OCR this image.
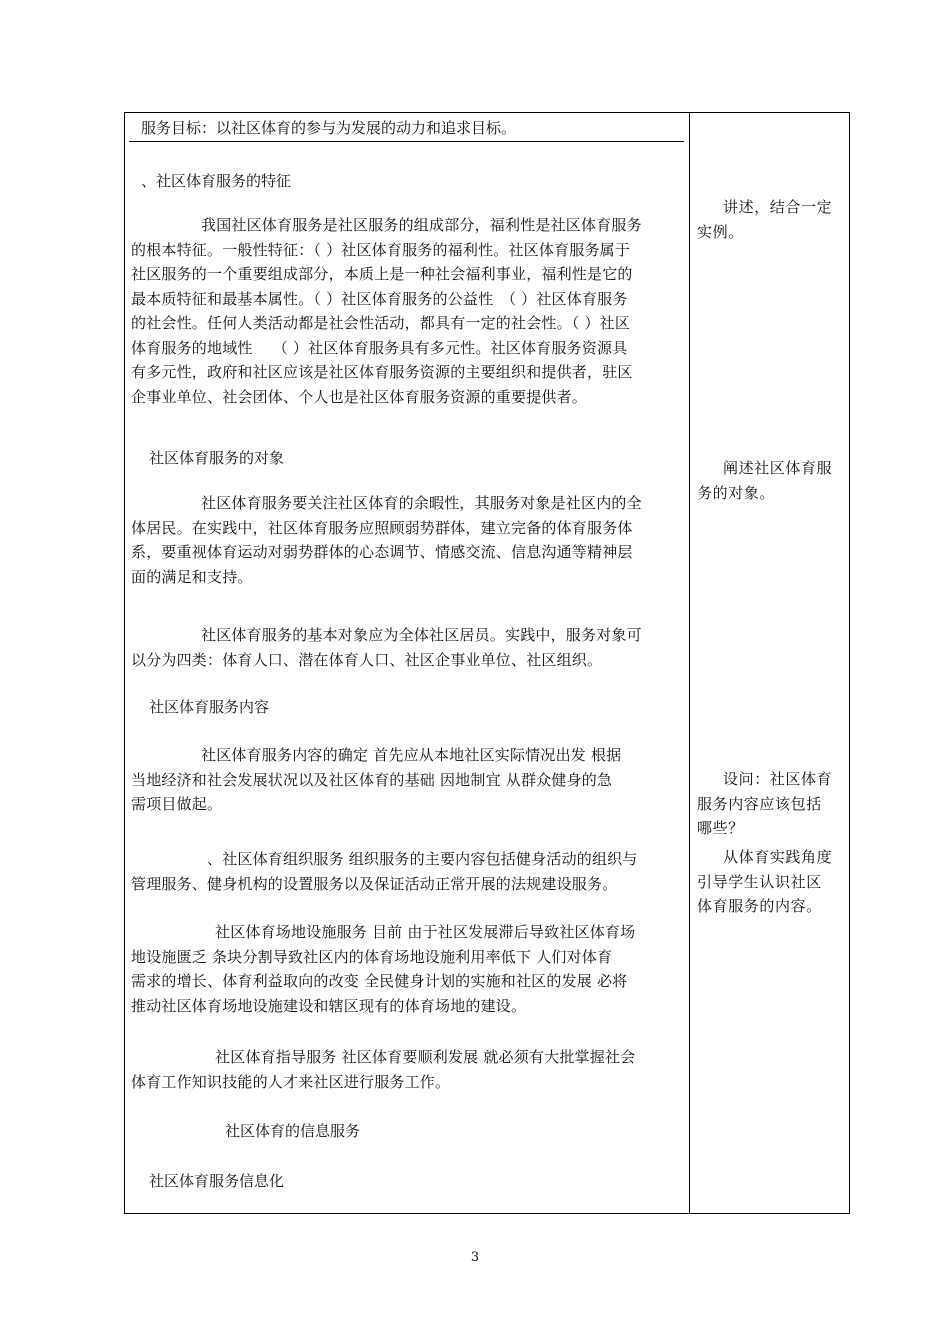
服务目标：以社区体育的参与为发展的动力和追求目标。
、社区体育服务的特征
我国社区体育服务是社区服务的组成部分，福利性是社区体育服务
的根本特征。一般性特征：（ ）社区体育服务的福利性。社区体育服务属于
社区服务的一个重要组成部分，本质上是一种社会福利事业，福利性是它的
最本质特征和最基本属性。（ ）社区体育服务的公益性　（ ）社区体育服务
的社会性。任何人类活动都是社会性活动，都具有一定的社会性。（ ）社区
体育服务的地域性　 （ ）社区体育服务具有多元性。社区体育服务资源具
有多元性，政府和社区应该是社区体育服务资源的主要组织和提供者，驻区
企事业单位、社会团体、个人也是社区体育服务资源的重要提供者。
社区体育服务的对象
社区体育服务要关注社区体育的余暇性，其服务对象是社区内的全
体居民。在实践中，社区体育服务应照顾弱势群体，建立完备的体育服务体
系，要重视体育运动对弱势群体的心态调节、情感交流、信息沟通等精神层
面的满足和支持。
社区体育服务的基本对象应为全体社区居员。实践中，服务对象可
以分为四类：体育人口、潜在体育人口、社区企事业单位、社区组织。
社区体育服务内容
社区体育服务内容的确定 首先应从本地社区实际情况出发 根据
当地经济和社会发展状况以及社区体育的基础 因地制宜 从群众健身的急
需项目做起。
、社区体育组织服务 组织服务的主要内容包括健身活动的组织与
管理服务、健身机构的设置服务以及保证活动正常开展的法规建设服务。
社区体育场地设施服务 目前 由于社区发展滞后导致社区体育场
地设施匮乏 条块分割导致社区内的体育场地设施利用率低下 人们对体育
需求的增长、体育利益取向的改变 全民健身计划的实施和社区的发展 必将
推动社区体育场地设施建设和辖区现有的体育场地的建设。
社区体育指导服务 社区体育要顺利发展 就必须有大批掌握社会
体育工作知识技能的人才来社区进行服务工作。
社区体育的信息服务
社区体育服务信息化
讲述，结合一定
实例。
阐述社区体育服
务的对象。
设问：社区体育
服务内容应该包括
哪些？
从体育实践角度
引导学生认识社区
体育服务的内容。
3
